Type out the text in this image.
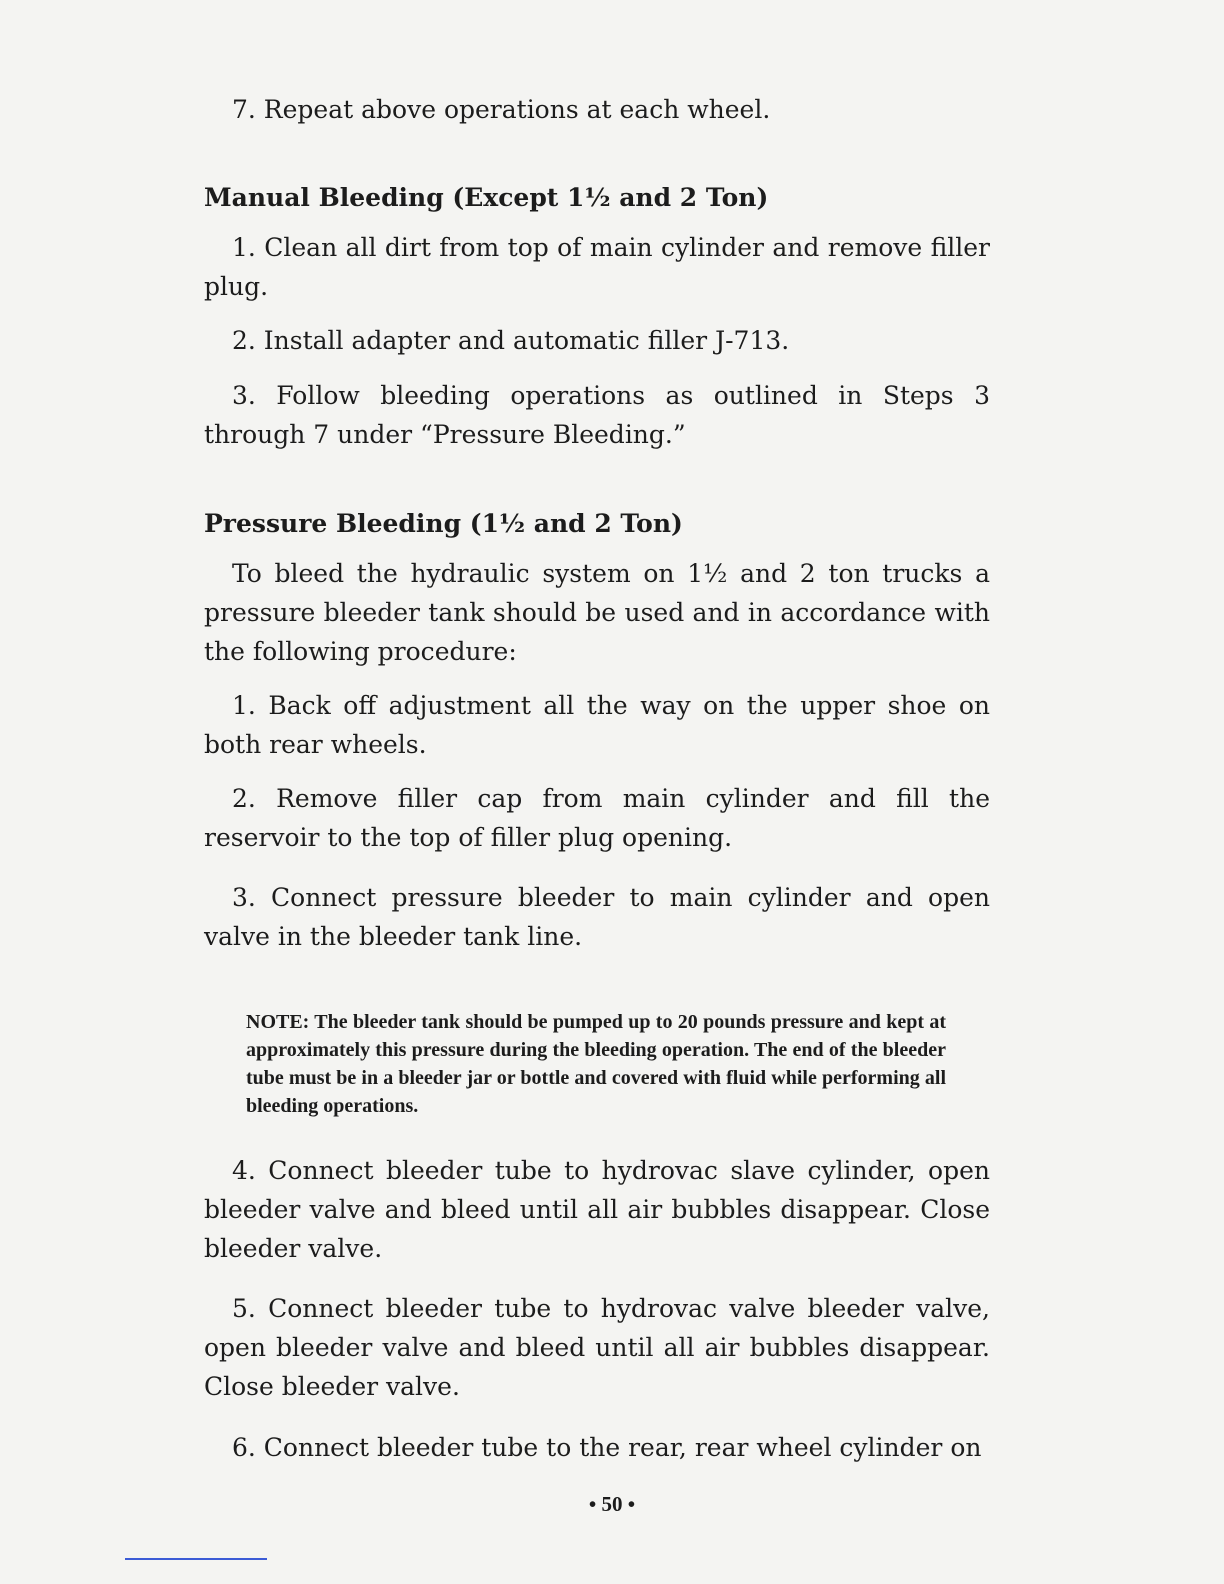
7. Repeat above operations at each wheel.

Manual Bleeding (Except 1½ and 2 Ton)

1. Clean all dirt from top of main cylinder and remove filler plug.

2. Install adapter and automatic filler J-713.

3. Follow bleeding operations as outlined in Steps 3 through 7 under “Pressure Bleeding.”

Pressure Bleeding (1½ and 2 Ton)

To bleed the hydraulic system on 1½ and 2 ton trucks a pressure bleeder tank should be used and in accordance with the following procedure:

1. Back off adjustment all the way on the upper shoe on both rear wheels.

2. Remove filler cap from main cylinder and fill the reservoir to the top of filler plug opening.

3. Connect pressure bleeder to main cylinder and open valve in the bleeder tank line.

NOTE: The bleeder tank should be pumped up to 20 pounds pressure and kept at approximately this pressure during the bleeding operation. The end of the bleeder tube must be in a bleeder jar or bottle and covered with fluid while performing all bleeding operations.

4. Connect bleeder tube to hydrovac slave cylinder, open bleeder valve and bleed until all air bubbles disappear. Close bleeder valve.

5. Connect bleeder tube to hydrovac valve bleeder valve, open bleeder valve and bleed until all air bubbles disappear. Close bleeder valve.

6. Connect bleeder tube to the rear, rear wheel cylinder on

• 50 •
